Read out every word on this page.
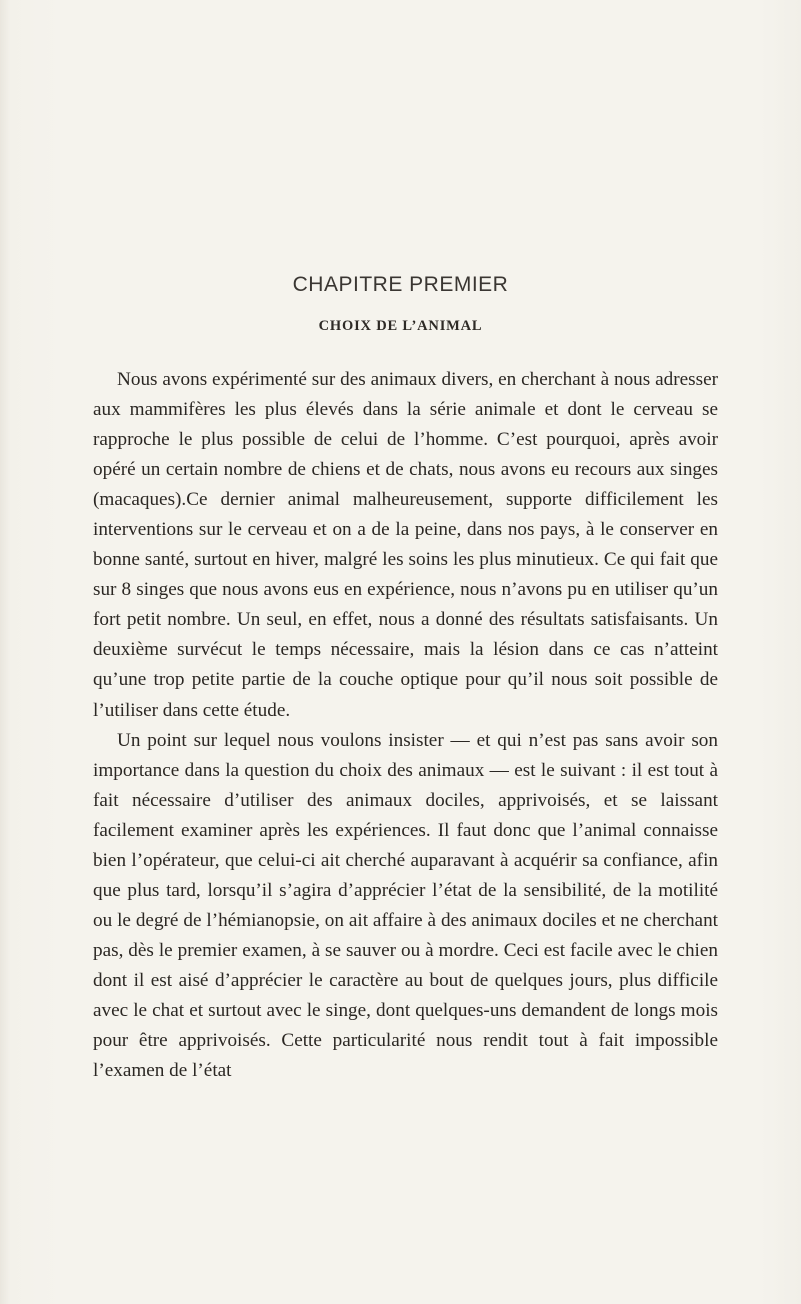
CHAPITRE PREMIER
CHOIX DE L’ANIMAL

Nous avons expérimenté sur des animaux divers, en cherchant à nous adresser aux mammifères les plus élevés dans la série animale et dont le cerveau se rapproche le plus possible de celui de l’homme. C’est pourquoi, après avoir opéré un certain nombre de chiens et de chats, nous avons eu recours aux singes (macaques).Ce dernier animal malheureusement, supporte difficilement les interventions sur le cerveau et on a de la peine, dans nos pays, à le conserver en bonne santé, surtout en hiver, malgré les soins les plus minutieux. Ce qui fait que sur 8 singes que nous avons eus en expérience, nous n’avons pu en utiliser qu’un fort petit nombre. Un seul, en effet, nous a donné des résultats satisfaisants. Un deuxième survécut le temps nécessaire, mais la lésion dans ce cas n’atteint qu’une trop petite partie de la couche optique pour qu’il nous soit possible de l’utiliser dans cette étude.

Un point sur lequel nous voulons insister — et qui n’est pas sans avoir son importance dans la question du choix des animaux — est le suivant : il est tout à fait nécessaire d’utiliser des animaux dociles, apprivoisés, et se laissant facilement examiner après les expériences. Il faut donc que l’animal connaisse bien l’opérateur, que celui-ci ait cherché auparavant à acquérir sa confiance, afin que plus tard, lorsqu’il s’agira d’apprécier l’état de la sensibilité, de la motilité ou le degré de l’hémianopsie, on ait affaire à des animaux dociles et ne cherchant pas, dès le premier examen, à se sauver ou à mordre. Ceci est facile avec le chien dont il est aisé d’apprécier le caractère au bout de quelques jours, plus difficile avec le chat et surtout avec le singe, dont quelques-uns demandent de longs mois pour être apprivoisés. Cette particularité nous rendit tout à fait impossible l’examen de l’état
